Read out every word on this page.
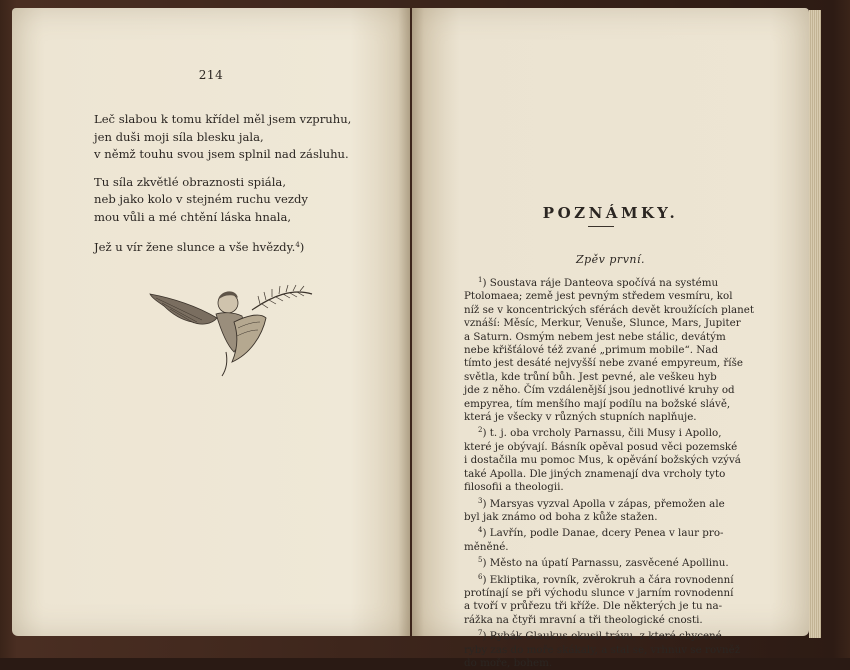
214
Leč slabou k tomu křídel měl jsem vzpruhu,
jen duši moji síla blesku jala,
v němž touhu svou jsem splnil nad zásluhu.
Tu síla zkvětlé obraznosti spiála,
neb jako kolo v stejném ruchu vezdy
mou vůli a mé chtění láska hnala,
Jež u vír žene slunce a vše hvězdy.$^4$)
POZNÁMKY.
Zpěv první.
$^1$) Soustava ráje Danteova spočívá na systému
Ptolomaea; země jest pevným středem vesmíru, kol
níž se v koncentrických sférách devět kroužících planet
vznáší: Měsíc, Merkur, Venuše, Slunce, Mars, Jupiter
a Saturn. Osmým nebem jest nebe stálic, devátým
nebe křišťálové též zvané „primum mobile“. Nad
tímto jest desáté nejvyšší nebe zvané empyreum, říše
světla, kde trůní bůh. Jest pevné, ale veškeu hyb
jde z něho. Čím vzdálenější jsou jednotlivé kruhy od
empyrea, tím menšího mají podílu na božské slávě,
která je všecky v různých stupních naplňuje.
$^2$) t. j. oba vrcholy Parnassu, čili Musy i Apollo,
které je obývají. Básník opěval posud věci pozemské
i dostačila mu pomoc Mus, k opěvání božských vzývá
také Apolla. Dle jiných znamenají dva vrcholy tyto
filosofii a theologii.
$^3$) Marsyas vyzval Apolla v zápas, přemožen ale
byl jak známo od boha z kůže stažen.
$^4$) Lavřín, podle Danae, dcery Penea v laur pro-
měněné.
$^5$) Město na úpatí Parnassu, zasvěcené Apollinu.
$^6$) Ekliptika, rovník, zvěrokruh a čára rovnodenní
protínají se při východu slunce v jarním rovnodenní
a tvoří v průřezu tři kříže. Dle některých je tu na-
rážka na čtyři mravní a tři theologické cnosti.
$^7$) Rybák Glaukus okusil trávu, z které chycené
ryby zas do moře skákaly, a stal se, vrhnuv se rovněž
do moře, bohem.
